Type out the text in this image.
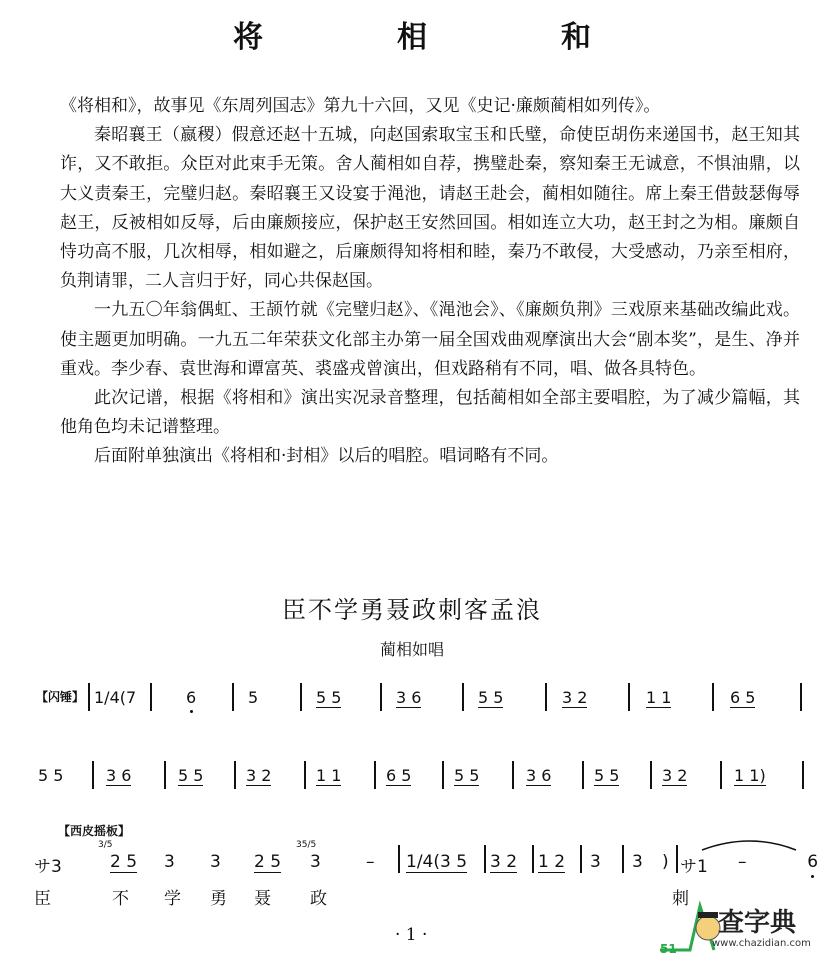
将　相　和

《将相和》，故事见《东周列国志》第九十六回，又见《史记·廉颇蔺相如列传》。

秦昭襄王（嬴稷）假意还赵十五城，向赵国索取宝玉和氏璧，命使臣胡伤来递国书，赵王知其诈，又不敢拒。众臣对此束手无策。舍人蔺相如自荐，携璧赴秦，察知秦王无诚意，不惧油鼎，以大义责秦王，完璧归赵。秦昭襄王又设宴于渑池，请赵王赴会，蔺相如随往。席上秦王借鼓瑟侮辱赵王，反被相如反辱，后由廉颇接应，保护赵王安然回国。相如连立大功，赵王封之为相。廉颇自恃功高不服，几次相辱，相如避之，后廉颇得知将相和睦，秦乃不敢侵，大受感动，乃亲至相府，负荆请罪，二人言归于好，同心共保赵国。

一九五〇年翁偶虹、王颉竹就《完璧归赵》、《渑池会》、《廉颇负荆》三戏原来基础改编此戏。使主题更加明确。一九五二年荣获文化部主办第一届全国戏曲观摩演出大会“剧本奖”，是生、净并重戏。李少春、袁世海和谭富英、裘盛戎曾演出，但戏路稍有不同，唱、做各具特色。

此次记谱，根据《将相和》演出实况录音整理，包括蔺相如全部主要唱腔，为了减少篇幅，其他角色均未记谱整理。

后面附单独演出《将相和·封相》以后的唱腔。唱词略有不同。

臣不学勇聂政刺客孟浪
蔺相如唱
【闪锤】 1/4(7	6	5	5 5	3 6	5 5	3 2	1 1	6 5
5 5	3 6	5 5	3 2	1 1	6 5	5 5	3 6	5 5	3 2	1 1)
【西皮摇板】
サ3
3/5
2 5 3 3 2 5
35/5
3	– 1/4(3 5 3 2 1 2 3 3 ) サ1 –	6
臣	不 学 勇 聂 政	刺
· 1 ·
51
查字典
www.chazidian.com
